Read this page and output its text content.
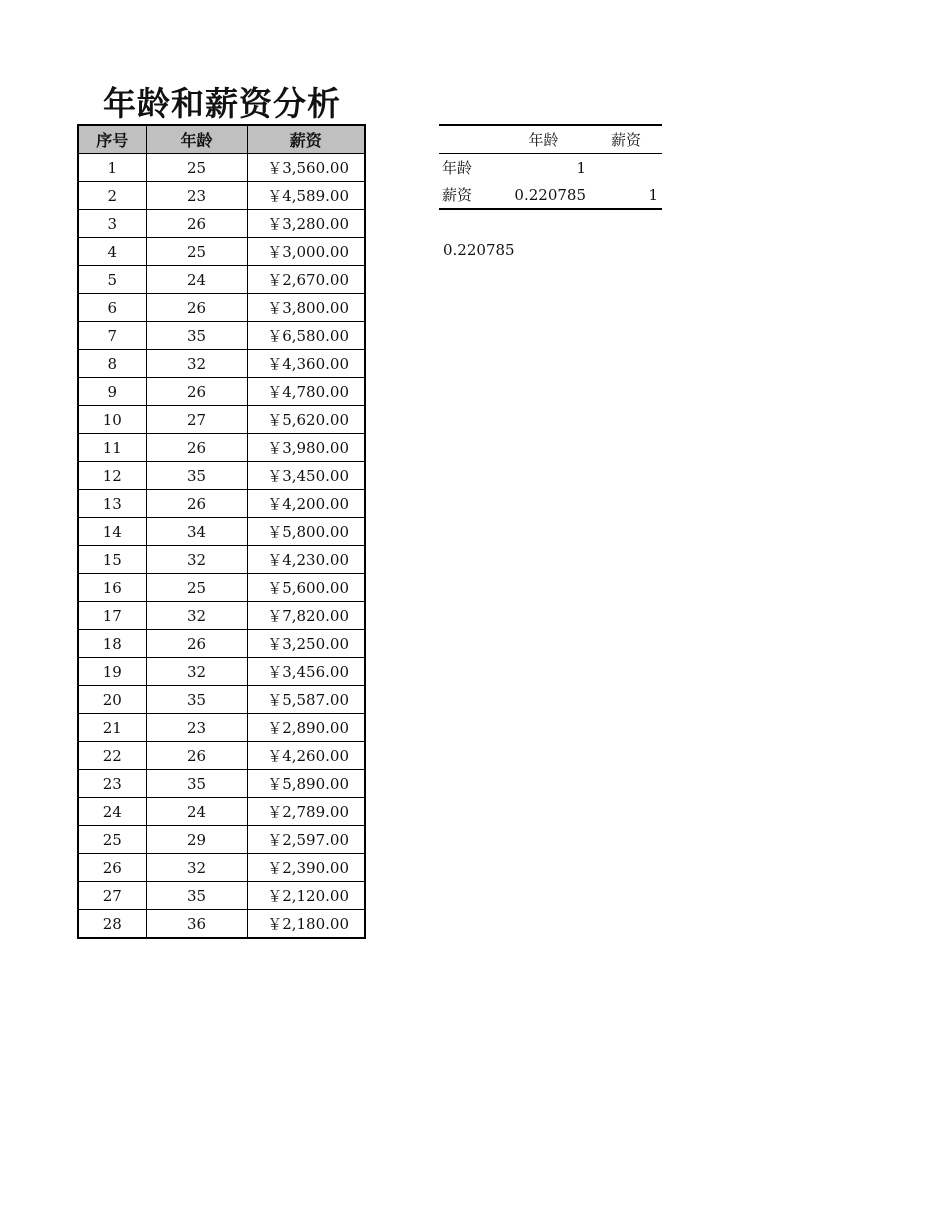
年龄和薪资分析
序号	年龄	薪资
1	25	￥3,560.00
2	23	￥4,589.00
3	26	￥3,280.00
4	25	￥3,000.00
5	24	￥2,670.00
6	26	￥3,800.00
7	35	￥6,580.00
8	32	￥4,360.00
9	26	￥4,780.00
10	27	￥5,620.00
11	26	￥3,980.00
12	35	￥3,450.00
13	26	￥4,200.00
14	34	￥5,800.00
15	32	￥4,230.00
16	25	￥5,600.00
17	32	￥7,820.00
18	26	￥3,250.00
19	32	￥3,456.00
20	35	￥5,587.00
21	23	￥2,890.00
22	26	￥4,260.00
23	35	￥5,890.00
24	24	￥2,789.00
25	29	￥2,597.00
26	32	￥2,390.00
27	35	￥2,120.00
28	36	￥2,180.00
	年龄	薪资
年龄	1	
薪资	0.220785	1
0.220785
